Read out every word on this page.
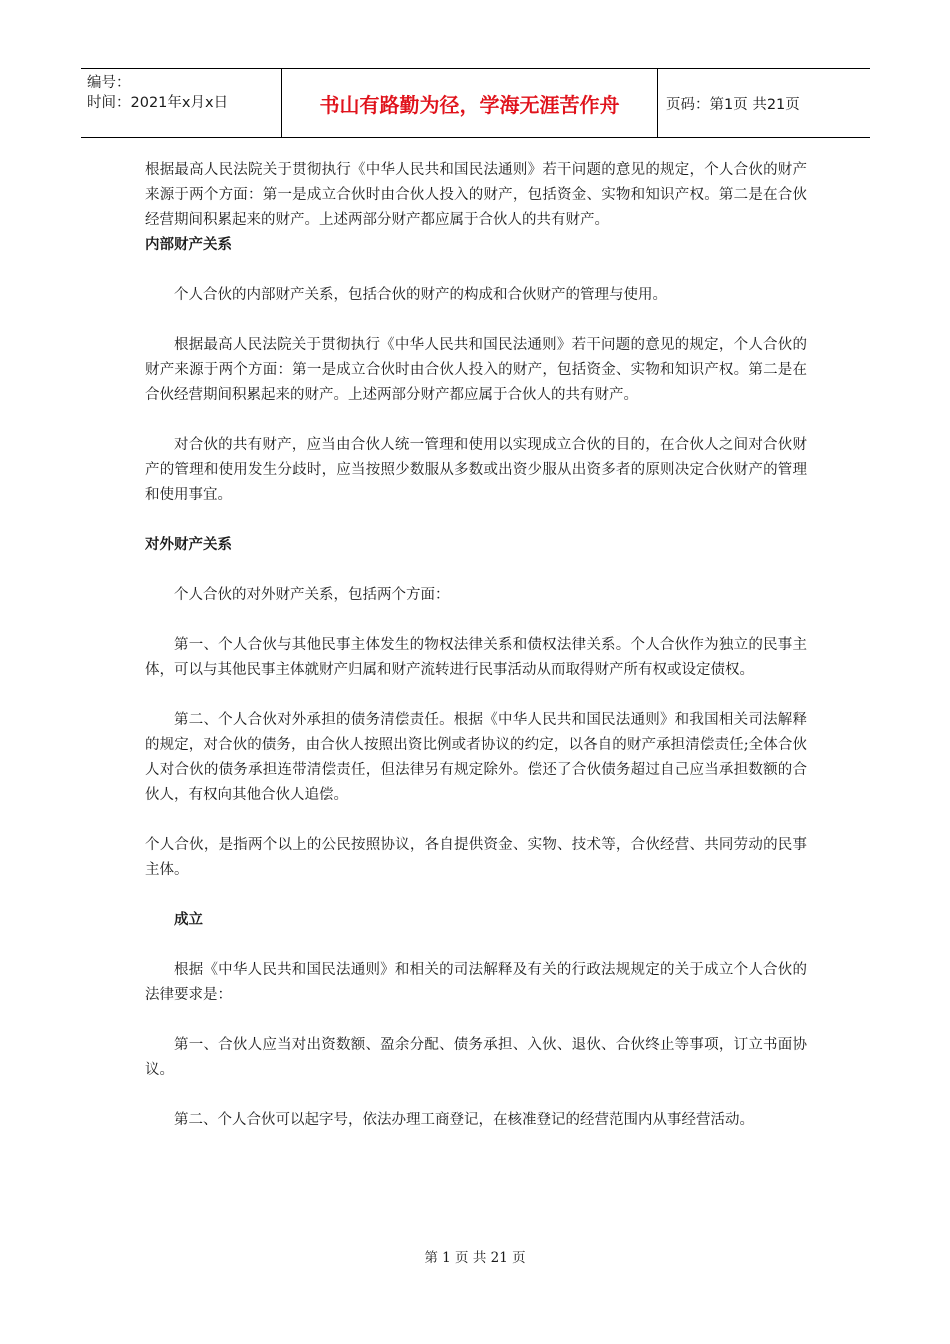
编号：
时间：2021年x月x日	书山有路勤为径，学海无涯苦作舟	页码：第1页 共21页

根据最高人民法院关于贯彻执行《中华人民共和国民法通则》若干问题的意见的规定，个人合伙的财产来源于两个方面：第一是成立合伙时由合伙人投入的财产，包括资金、实物和知识产权。第二是在合伙经营期间积累起来的财产。上述两部分财产都应属于合伙人的共有财产。

内部财产关系

个人合伙的内部财产关系，包括合伙的财产的构成和合伙财产的管理与使用。

根据最高人民法院关于贯彻执行《中华人民共和国民法通则》若干问题的意见的规定，个人合伙的财产来源于两个方面：第一是成立合伙时由合伙人投入的财产，包括资金、实物和知识产权。第二是在合伙经营期间积累起来的财产。上述两部分财产都应属于合伙人的共有财产。

对合伙的共有财产，应当由合伙人统一管理和使用以实现成立合伙的目的，在合伙人之间对合伙财产的管理和使用发生分歧时，应当按照少数服从多数或出资少服从出资多者的原则决定合伙财产的管理和使用事宜。

对外财产关系

个人合伙的对外财产关系，包括两个方面：

第一、个人合伙与其他民事主体发生的物权法律关系和债权法律关系。个人合伙作为独立的民事主体，可以与其他民事主体就财产归属和财产流转进行民事活动从而取得财产所有权或设定债权。

第二、个人合伙对外承担的债务清偿责任。根据《中华人民共和国民法通则》和我国相关司法解释的规定，对合伙的债务，由合伙人按照出资比例或者协议的约定，以各自的财产承担清偿责任;全体合伙人对合伙的债务承担连带清偿责任，但法律另有规定除外。偿还了合伙债务超过自己应当承担数额的合伙人，有权向其他合伙人追偿。

个人合伙，是指两个以上的公民按照协议，各自提供资金、实物、技术等，合伙经营、共同劳动的民事主体。

成立

根据《中华人民共和国民法通则》和相关的司法解释及有关的行政法规规定的关于成立个人合伙的法律要求是：

第一、合伙人应当对出资数额、盈余分配、债务承担、入伙、退伙、合伙终止等事项，订立书面协议。

第二、个人合伙可以起字号，依法办理工商登记，在核准登记的经营范围内从事经营活动。

第 1 页 共 21 页
